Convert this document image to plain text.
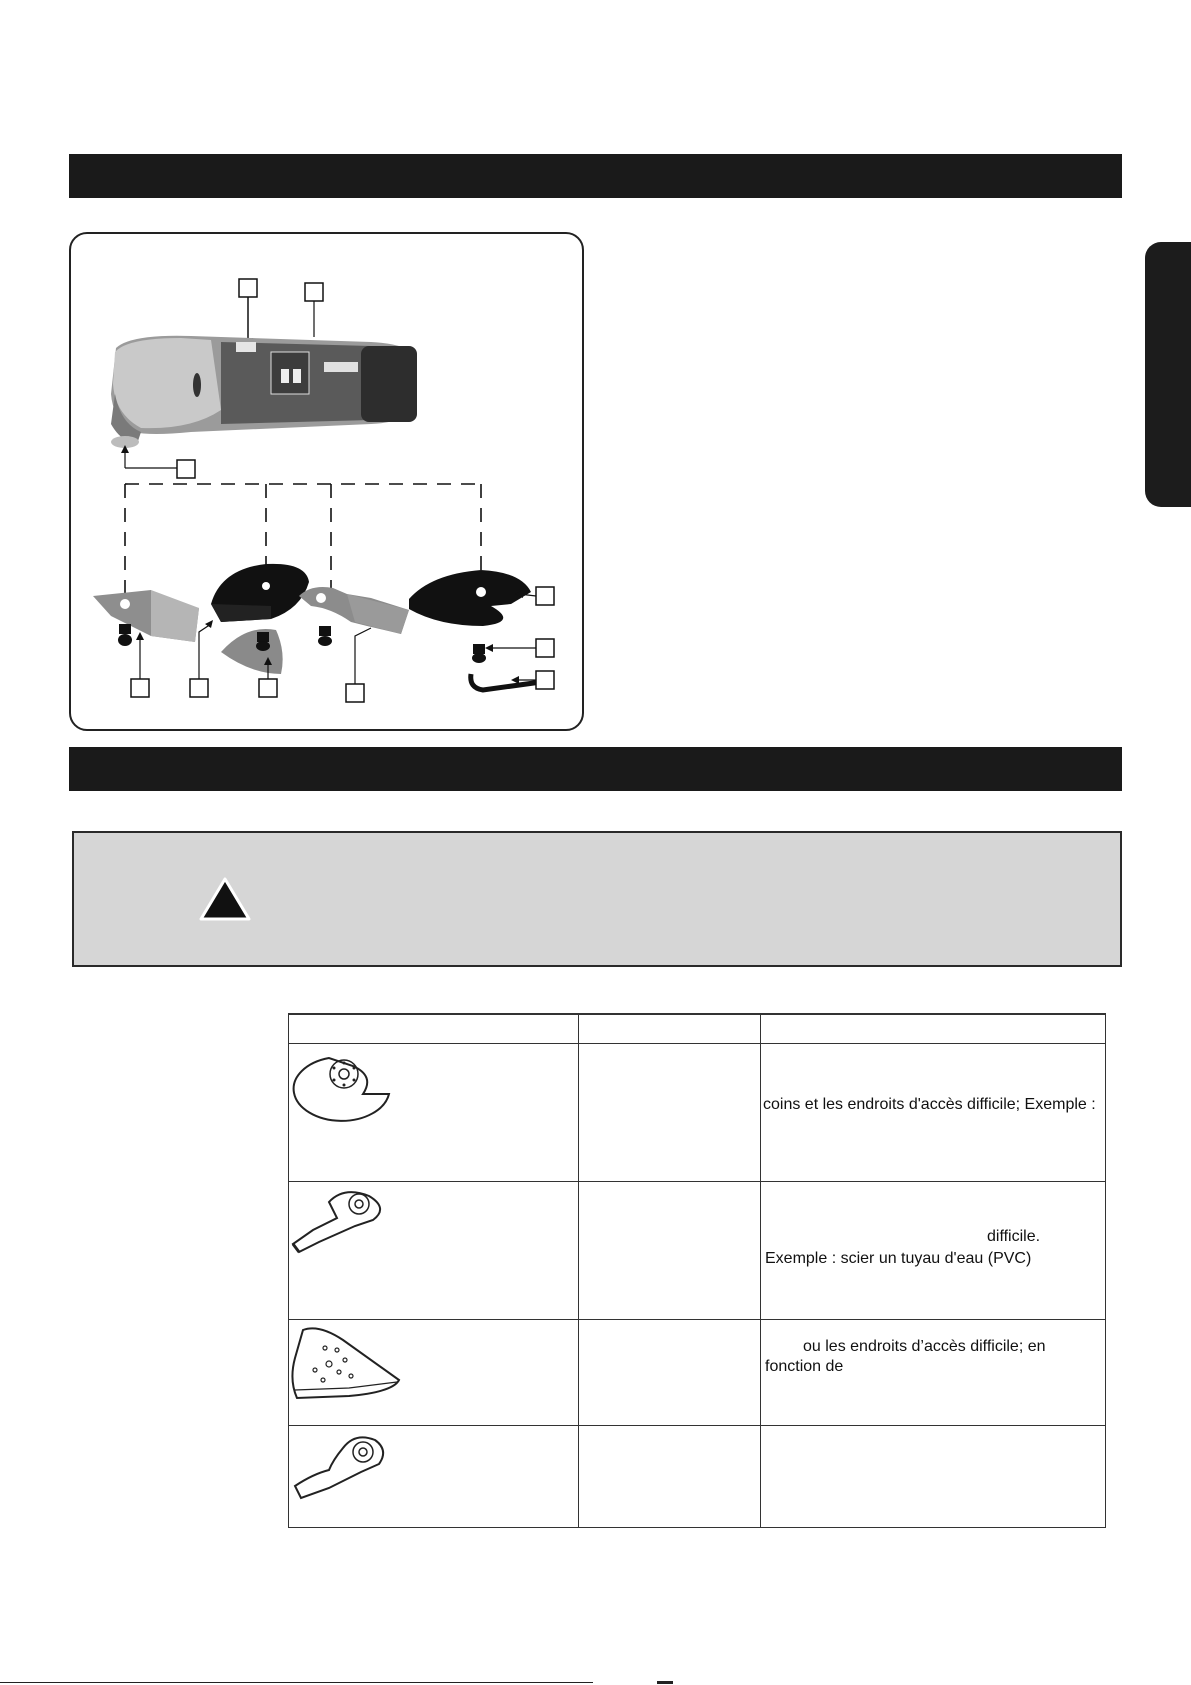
coins et les endroits d'accès difficile; Exemple :

difficile.
Exemple : scier un tuyau d'eau (PVC)

ou les endroits d’accès difficile; en
fonction de
